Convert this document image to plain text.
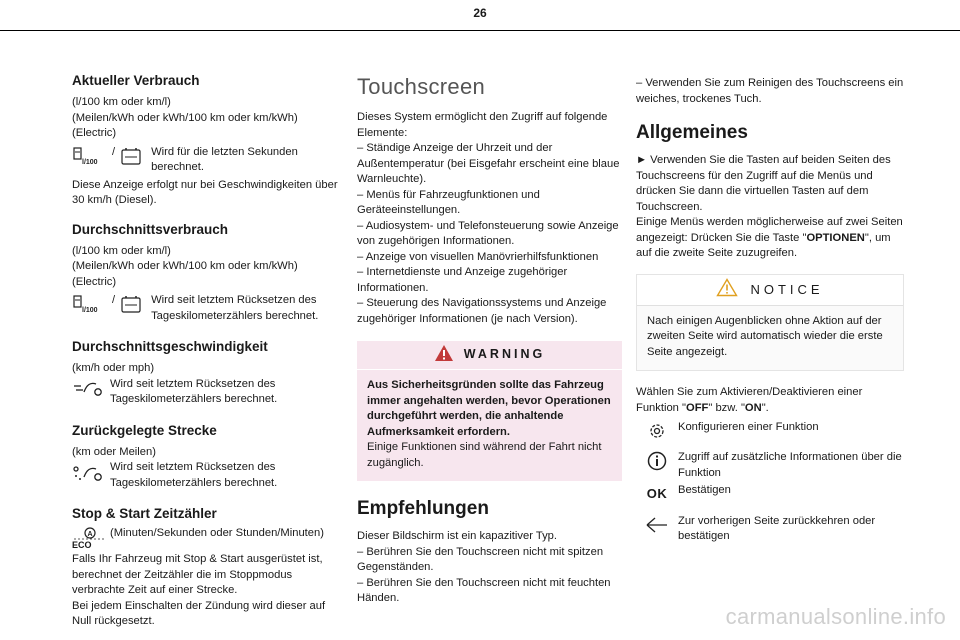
26
Aktueller Verbrauch

(l/100 km oder km/l)

(Meilen/kWh oder kWh/100 km oder km/kWh) (Electric)

l/100
/	Wird für die letzten Sekunden berechnet.

Diese Anzeige erfolgt nur bei Geschwindigkeiten über 30 km/h (Diesel).

Durchschnittsverbrauch

(l/100 km oder km/l)

(Meilen/kWh oder kWh/100 km oder km/kWh) (Electric)

l/100
/	Wird seit letztem Rücksetzen des Tageskilometerzählers berechnet.
Durchschnittsgeschwindigkeit

(km/h oder mph)

Wird seit letztem Rücksetzen des Tageskilometerzählers berechnet.
Zurückgelegte Strecke

(km oder Meilen)

Wird seit letztem Rücksetzen des Tageskilometerzählers berechnet.
Stop & Start Zeitzähler
A
ECO
(Minuten/Sekunden oder Stunden/Minuten)

Falls Ihr Fahrzeug mit Stop & Start ausgerüstet ist, berechnet der Zeitzähler die im Stoppmodus verbrachte Zeit auf einer Strecke.

Bei jedem Einschalten der Zündung wird dieser auf Null rückgesetzt.

Touchscreen

Dieses System ermöglicht den Zugriff auf folgende Elemente:

– Ständige Anzeige der Uhrzeit und der Außentemperatur (bei Eisgefahr erscheint eine blaue Warnleuchte).

– Menüs für Fahrzeugfunktionen und Geräteeinstellungen.

– Audiosystem- und Telefonsteuerung sowie Anzeige von zugehörigen Informationen.

– Anzeige von visuellen Manövrierhilfsfunktionen

– Internetdienste und Anzeige zugehöriger Informationen.

– Steuerung des Navigationssystems und Anzeige zugehöriger Informationen (je nach Version).

WARNING

Aus Sicherheitsgründen sollte das Fahrzeug immer angehalten werden, bevor Operationen durchgeführt werden, die anhaltende Aufmerksamkeit erfordern.

Einige Funktionen sind während der Fahrt nicht zugänglich.

Empfehlungen

Dieser Bildschirm ist ein kapazitiver Typ.

– Berühren Sie den Touchscreen nicht mit spitzen Gegenständen.

– Berühren Sie den Touchscreen nicht mit feuchten Händen.

– Verwenden Sie zum Reinigen des Touchscreens ein weiches, trockenes Tuch.

Allgemeines

► Verwenden Sie die Tasten auf beiden Seiten des Touchscreens für den Zugriff auf die Menüs und drücken Sie dann die virtuellen Tasten auf dem Touchscreen.

Einige Menüs werden möglicherweise auf zwei Seiten angezeigt: Drücken Sie die Taste "OPTIONEN", um auf die zweite Seite zuzugreifen.

NOTICE

Nach einigen Augenblicken ohne Aktion auf der zweiten Seite wird automatisch wieder die erste Seite angezeigt.

Wählen Sie zum Aktivieren/Deaktivieren einer Funktion "OFF" bzw. "ON".

Konfigurieren einer Funktion
Zugriff auf zusätzliche Informationen über die Funktion
OK Bestätigen
Zur vorherigen Seite zurückkehren oder bestätigen
carmanualsonline.info
